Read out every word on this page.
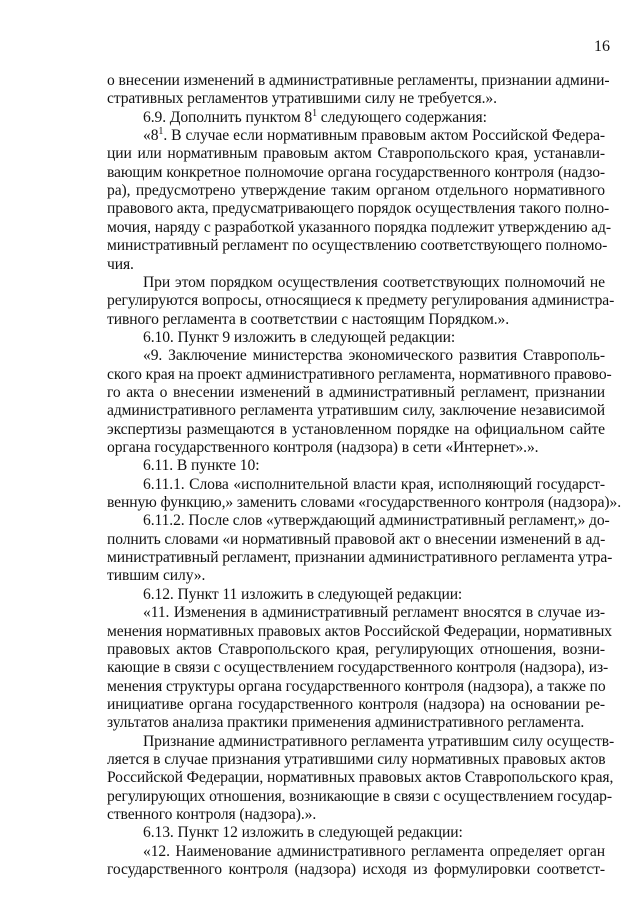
16
о внесении изменений в административные регламенты, признании админи-
стративных регламентов утратившими силу не требуется.».
6.9. Дополнить пунктом $8^1$ следующего содержания:
«$8^1$. В случае если нормативным правовым актом Российской Федера-
ции или нормативным правовым актом Ставропольского края, устанавли-
вающим конкретное полномочие органа государственного контроля (надзо-
ра), предусмотрено утверждение таким органом отдельного нормативного
правового акта, предусматривающего порядок осуществления такого полно-
мочия, наряду с разработкой указанного порядка подлежит утверждению ад-
министративный регламент по осуществлению соответствующего полномо-
чия.
При этом порядком осуществления соответствующих полномочий не
регулируются вопросы, относящиеся к предмету регулирования администра-
тивного регламента в соответствии с настоящим Порядком.».
6.10. Пункт 9 изложить в следующей редакции:
«9. Заключение министерства экономического развития Ставрополь-
ского края на проект административного регламента, нормативного правово-
го акта о внесении изменений в административный регламент, признании
административного регламента утратившим силу, заключение независимой
экспертизы размещаются в установленном порядке на официальном сайте
органа государственного контроля (надзора) в сети «Интернет».».
6.11. В пункте 10:
6.11.1. Слова «исполнительной власти края, исполняющий государст-
венную функцию,» заменить словами «государственного контроля (надзора)».
6.11.2. После слов «утверждающий административный регламент,» до-
полнить словами «и нормативный правовой акт о внесении изменений в ад-
министративный регламент, признании административного регламента утра-
тившим силу».
6.12. Пункт 11 изложить в следующей редакции:
«11. Изменения в административный регламент вносятся в случае из-
менения нормативных правовых актов Российской Федерации, нормативных
правовых актов Ставропольского края, регулирующих отношения, возни-
кающие в связи с осуществлением государственного контроля (надзора), из-
менения структуры органа государственного контроля (надзора), а также по
инициативе органа государственного контроля (надзора) на основании ре-
зультатов анализа практики применения административного регламента.
Признание административного регламента утратившим силу осуществ-
ляется в случае признания утратившими силу нормативных правовых актов
Российской Федерации, нормативных правовых актов Ставропольского края,
регулирующих отношения, возникающие в связи с осуществлением государ-
ственного контроля (надзора).».
6.13. Пункт 12 изложить в следующей редакции:
«12. Наименование административного регламента определяет орган
государственного контроля (надзора) исходя из формулировки соответст-
